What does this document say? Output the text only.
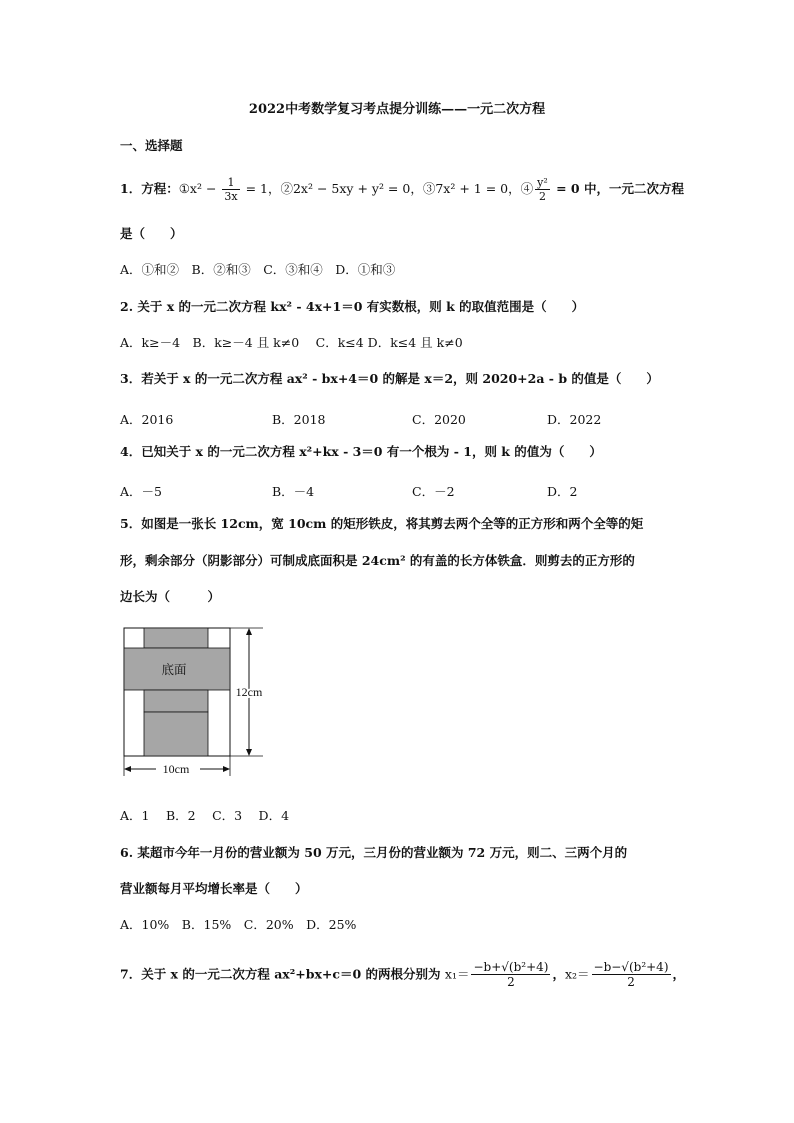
2022中考数学复习考点提分训练——一元二次方程
一、选择题
1．方程：①x² − $\frac{1}{3x} = 1$，②2x² − 5xy + y² = 0，③7x² + 1 = 0，④ $\frac{\text{y²}}{2} = 0$ 中，一元二次方程
是（　　）
A．①和②　B．②和③　C．③和④　D．①和③
2. 关于 x 的一元二次方程 kx² - 4x+1＝0 有实数根，则 k 的取值范围是（　　）
A．k≥－4　B．k≥－4 且 k≠0　 C．k≤4 D．k≤4 且 k≠0
3．若关于 x 的一元二次方程 ax² - bx+4＝0 的解是 x＝2，则 2020+2a - b 的值是（　　）
A．2016	B．2018	C．2020	D．2022
4．已知关于 x 的一元二次方程 x²+kx - 3＝0 有一个根为 - 1，则 k 的值为（　　）
A．－5	B．－4	C．－2	D．2
5．如图是一张长 12cm，宽 10cm 的矩形铁皮，将其剪去两个全等的正方形和两个全等的矩
形，剩余部分（阴影部分）可制成底面积是 24cm² 的有盖的长方体铁盒．则剪去的正方形的
边长为（　　　）
10cm
12cm
底面
A．1　 B．2　 C．3　 D．4
6. 某超市今年一月份的营业额为 50 万元，三月份的营业额为 72 万元，则二、三两个月的
营业额每月平均增长率是（　　）
A．10%　B．15%　C．20%　D．25%
7．关于 x 的一元二次方程 ax²+bx+c＝0 的两根分别为 $x_1= \frac{\text{−b+√(b²+4)}}{2}$ ，$x_2= \frac{\text{−b−√(b²+4)}}{2}$ ，
